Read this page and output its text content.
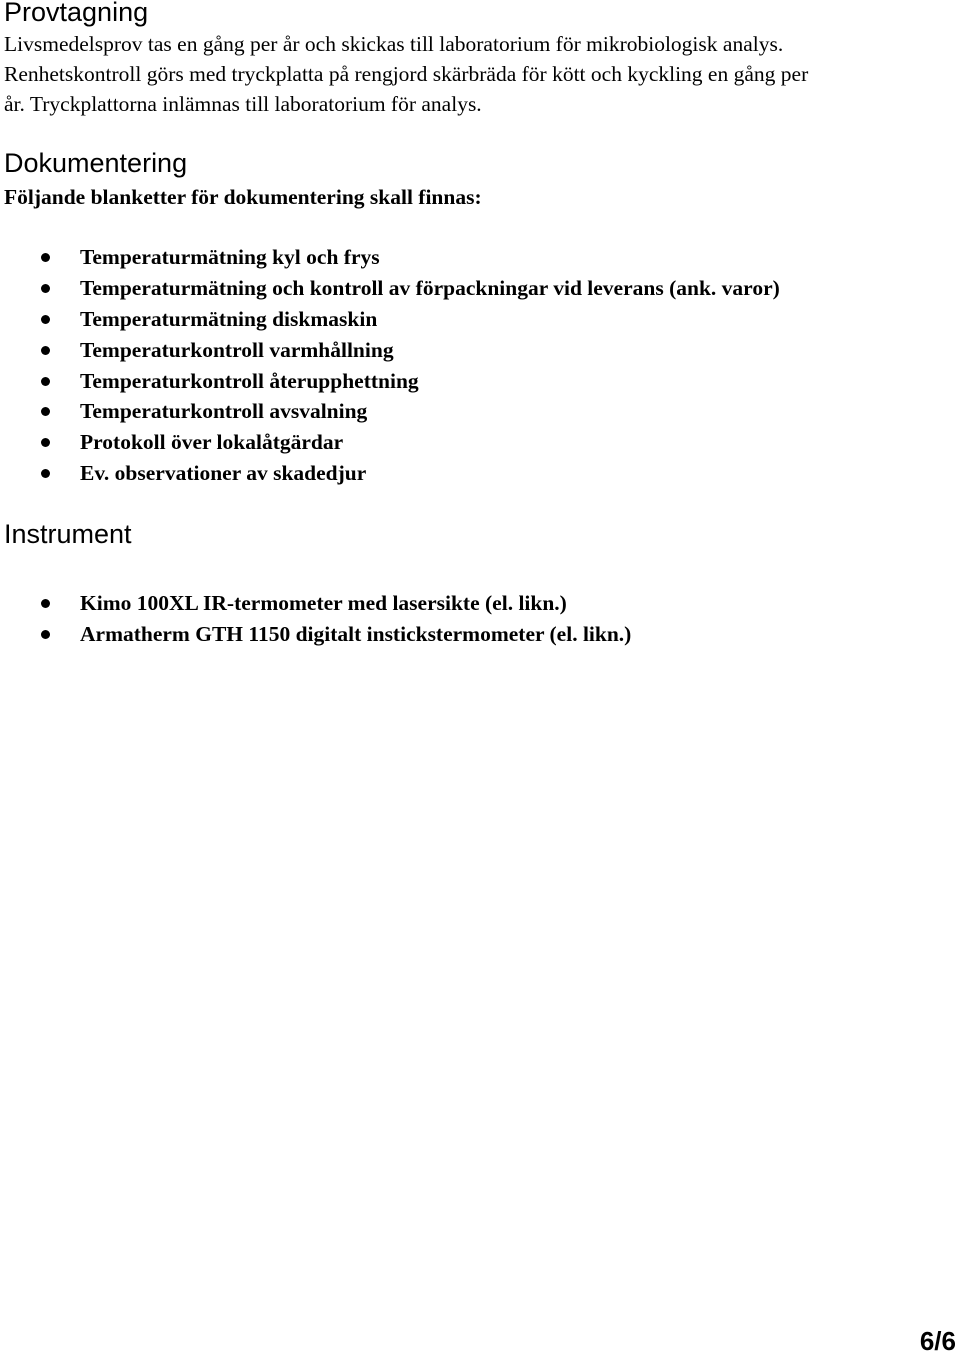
Provtagning

Livsmedelsprov tas en gång per år och skickas till laboratorium för mikrobiologisk analys.
Renhetskontroll görs med tryckplatta på rengjord skärbräda för kött och kyckling en gång per
år. Tryckplattorna inlämnas till laboratorium för analys.

Dokumentering

Följande blanketter för dokumentering skall finnas:

Temperaturmätning kyl och frys
Temperaturmätning och kontroll av förpackningar vid leverans (ank. varor)
Temperaturmätning diskmaskin
Temperaturkontroll varmhållning
Temperaturkontroll återupphettning
Temperaturkontroll avsvalning
Protokoll över lokalåtgärdar
Ev. observationer av skadedjur
Instrument
Kimo 100XL IR-termometer med lasersikte (el. likn.)
Armatherm GTH 1150 digitalt instickstermometer (el. likn.)

6/6
